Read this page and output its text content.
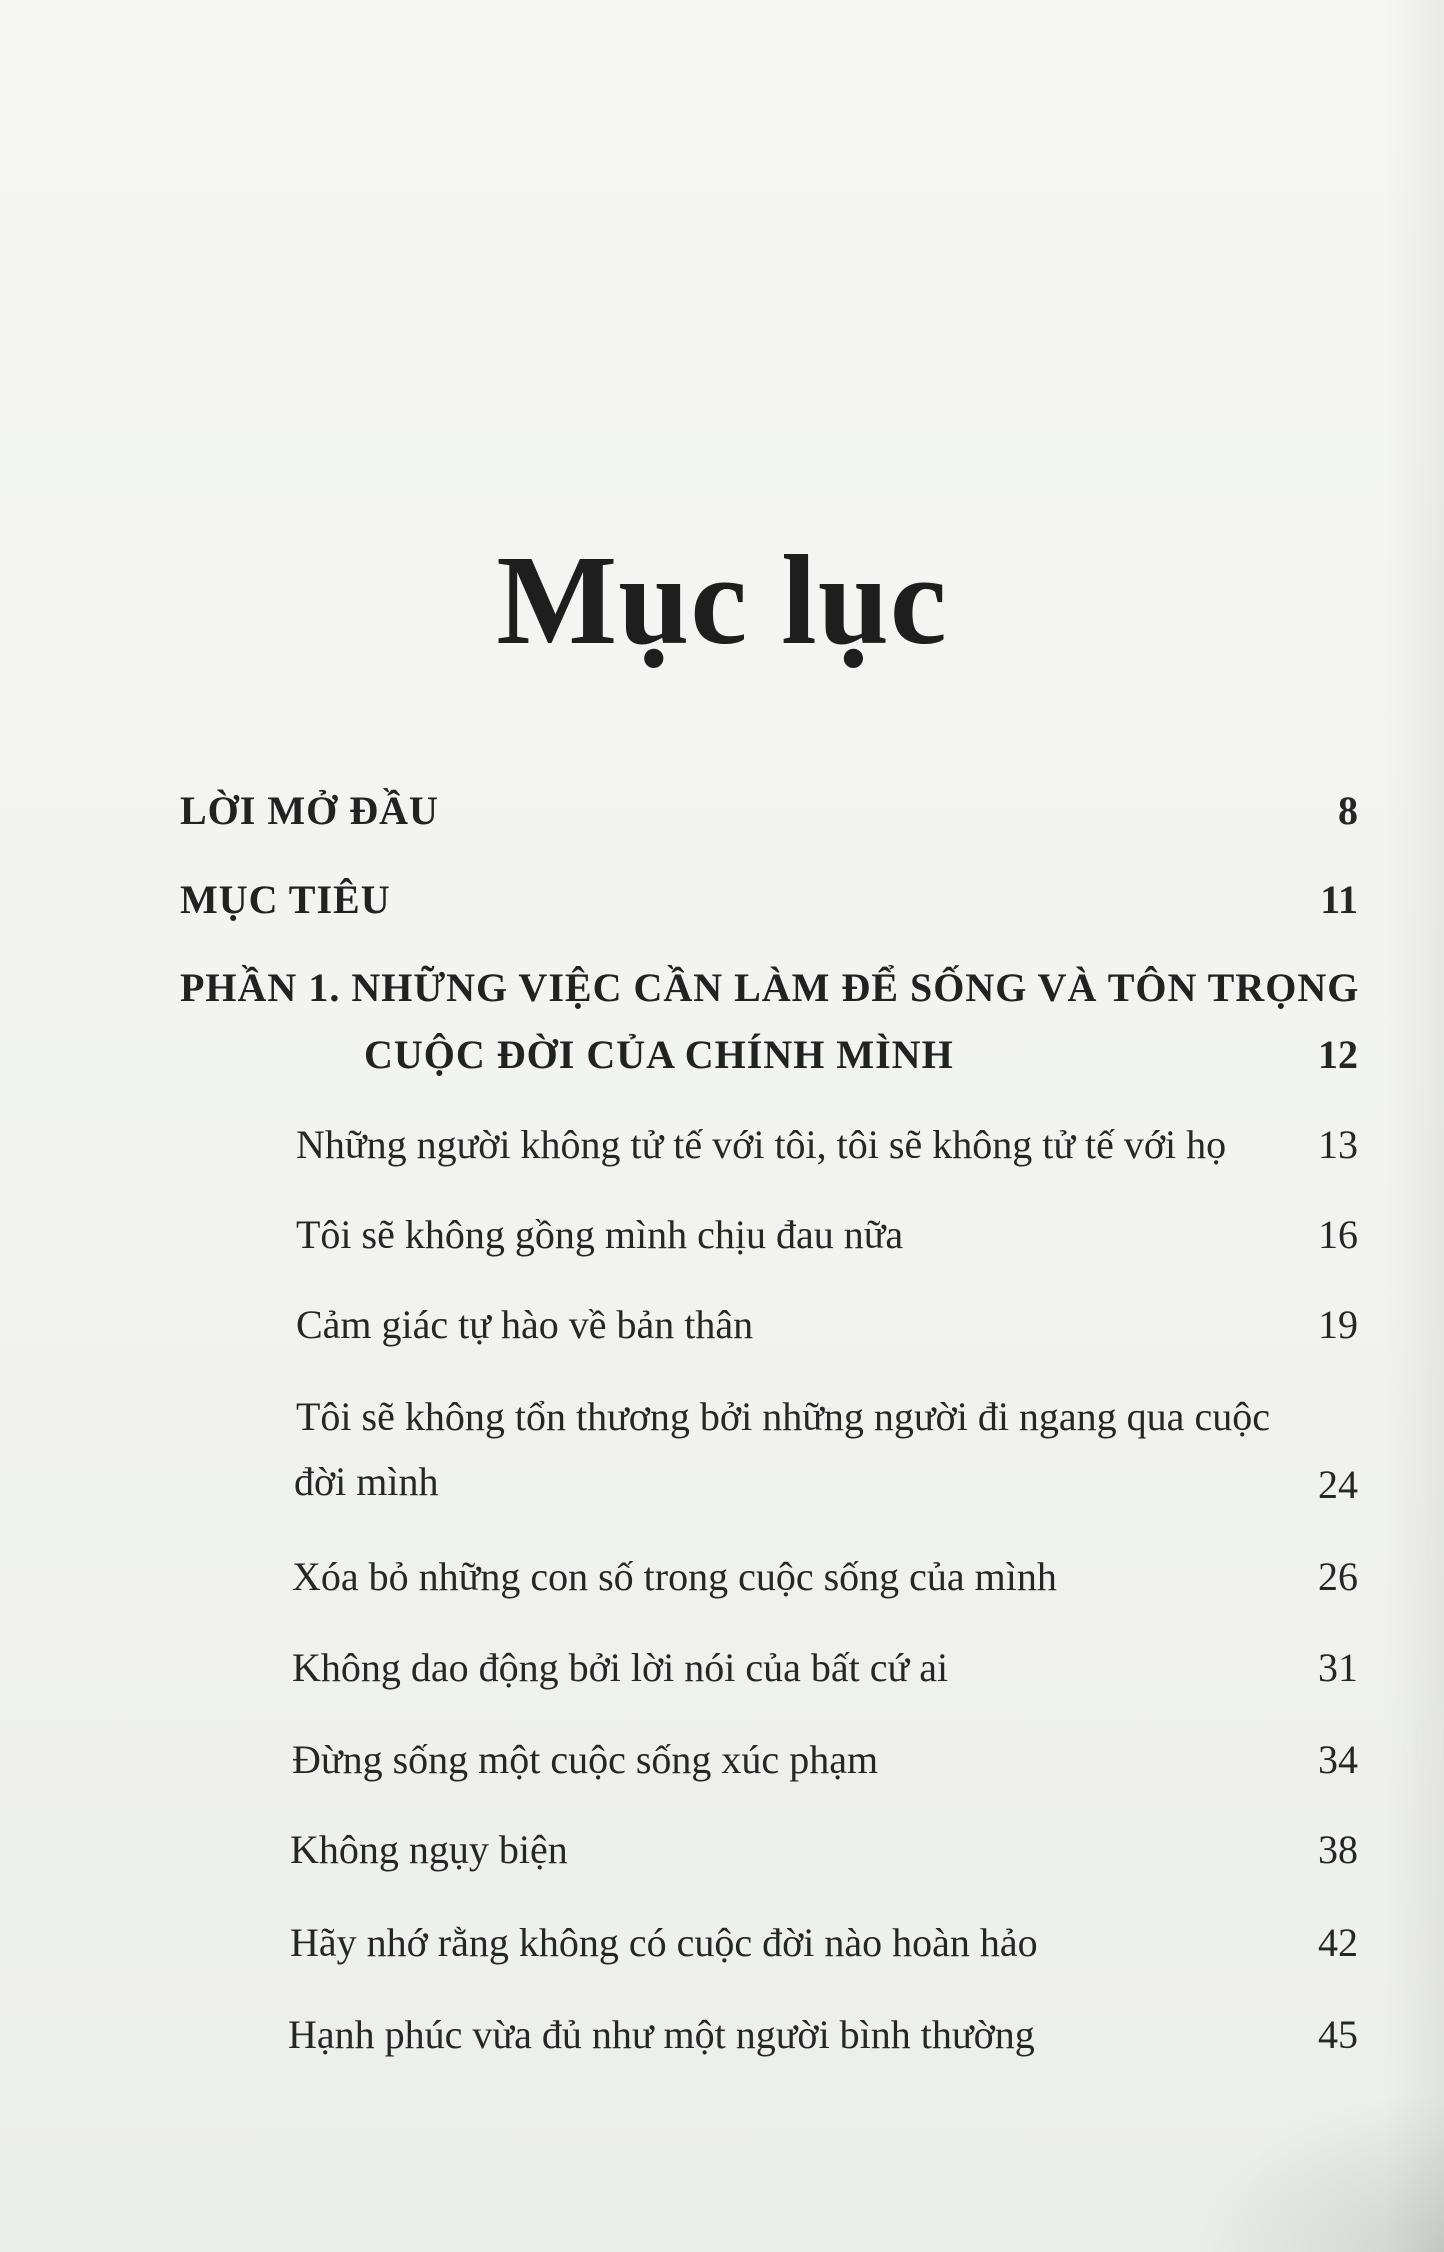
Mục lục
LỜI MỞ ĐẦU	8
MỤC TIÊU	11
PHẦN 1. NHỮNG VIỆC CẦN LÀM ĐỂ SỐNG VÀ TÔN TRỌNG
CUỘC ĐỜI CỦA CHÍNH MÌNH	12
Những người không tử tế với tôi, tôi sẽ không tử tế với họ 13
Tôi sẽ không gồng mình chịu đau nữa	16
Cảm giác tự hào về bản thân	19
Tôi sẽ không tổn thương bởi những người đi ngang qua cuộc
đời mình	24
Xóa bỏ những con số trong cuộc sống của mình	26
Không dao động bởi lời nói của bất cứ ai	31
Đừng sống một cuộc sống xúc phạm	34
Không ngụy biện	38
Hãy nhớ rằng không có cuộc đời nào hoàn hảo	42
Hạnh phúc vừa đủ như một người bình thường	45
